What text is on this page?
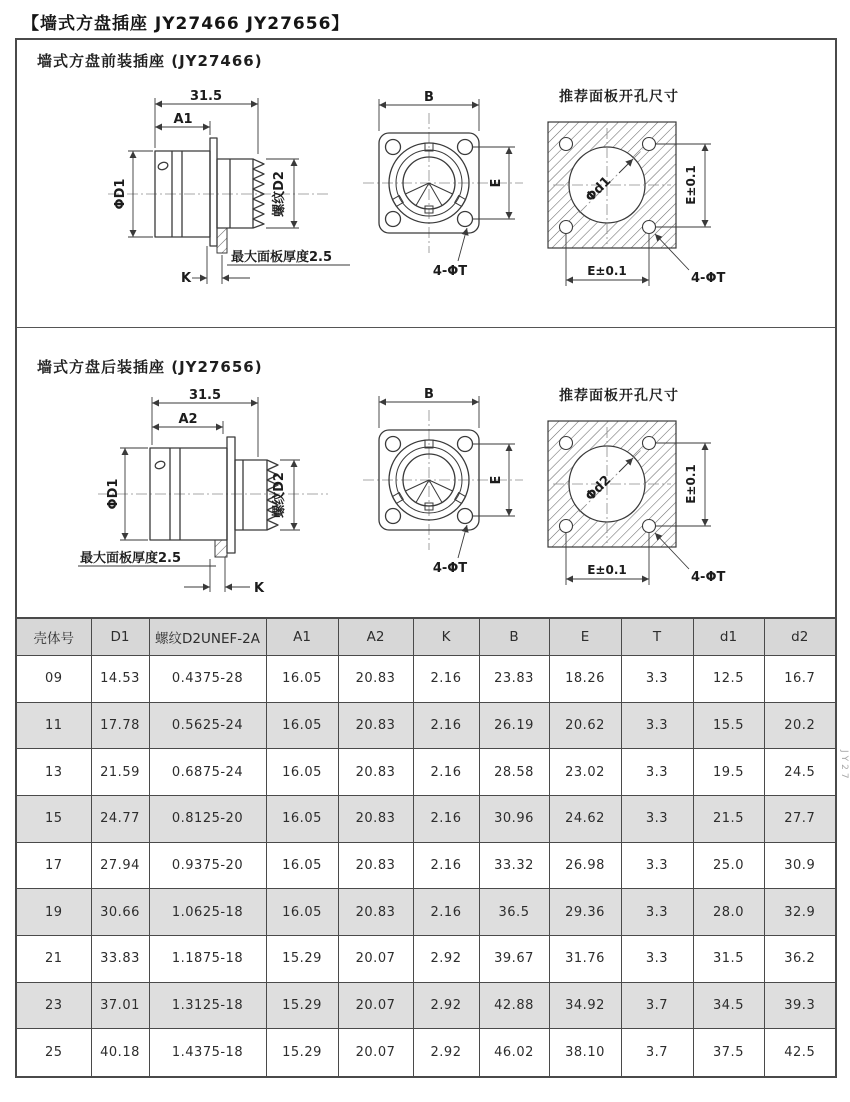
【墙式方盘插座 JY27466 JY27656】
墙式方盘前装插座 (JY27466)
31.5
A1
ΦD1	螺纹D2
最大面板厚度2.5
K
B
E
4-ΦT
推荐面板开孔尺寸
Φd1	E±0.1
E±0.1	4-ΦT
墙式方盘后装插座 (JY27656)
31.5
A2
ΦD1	螺纹D2
最大面板厚度2.5
K
B
E
4-ΦT
推荐面板开孔尺寸
Φd2	E±0.1
E±0.1	4-ΦT
壳体号	D1	螺纹D2UNEF-2A	A1	A2	K	B	E	T	d1	d2
09	14.53	0.4375-28	16.05	20.83	2.16	23.83	18.26	3.3	12.5	16.7
11	17.78	0.5625-24	16.05	20.83	2.16	26.19	20.62	3.3	15.5	20.2
13	21.59	0.6875-24	16.05	20.83	2.16	28.58	23.02	3.3	19.5	24.5
15	24.77	0.8125-20	16.05	20.83	2.16	30.96	24.62	3.3	21.5	27.7
17	27.94	0.9375-20	16.05	20.83	2.16	33.32	26.98	3.3	25.0	30.9
19	30.66	1.0625-18	16.05	20.83	2.16	36.5	29.36	3.3	28.0	32.9
21	33.83	1.1875-18	15.29	20.07	2.92	39.67	31.76	3.3	31.5	36.2
23	37.01	1.3125-18	15.29	20.07	2.92	42.88	34.92	3.7	34.5	39.3
25	40.18	1.4375-18	15.29	20.07	2.92	46.02	38.10	3.7	37.5	42.5
JY27
